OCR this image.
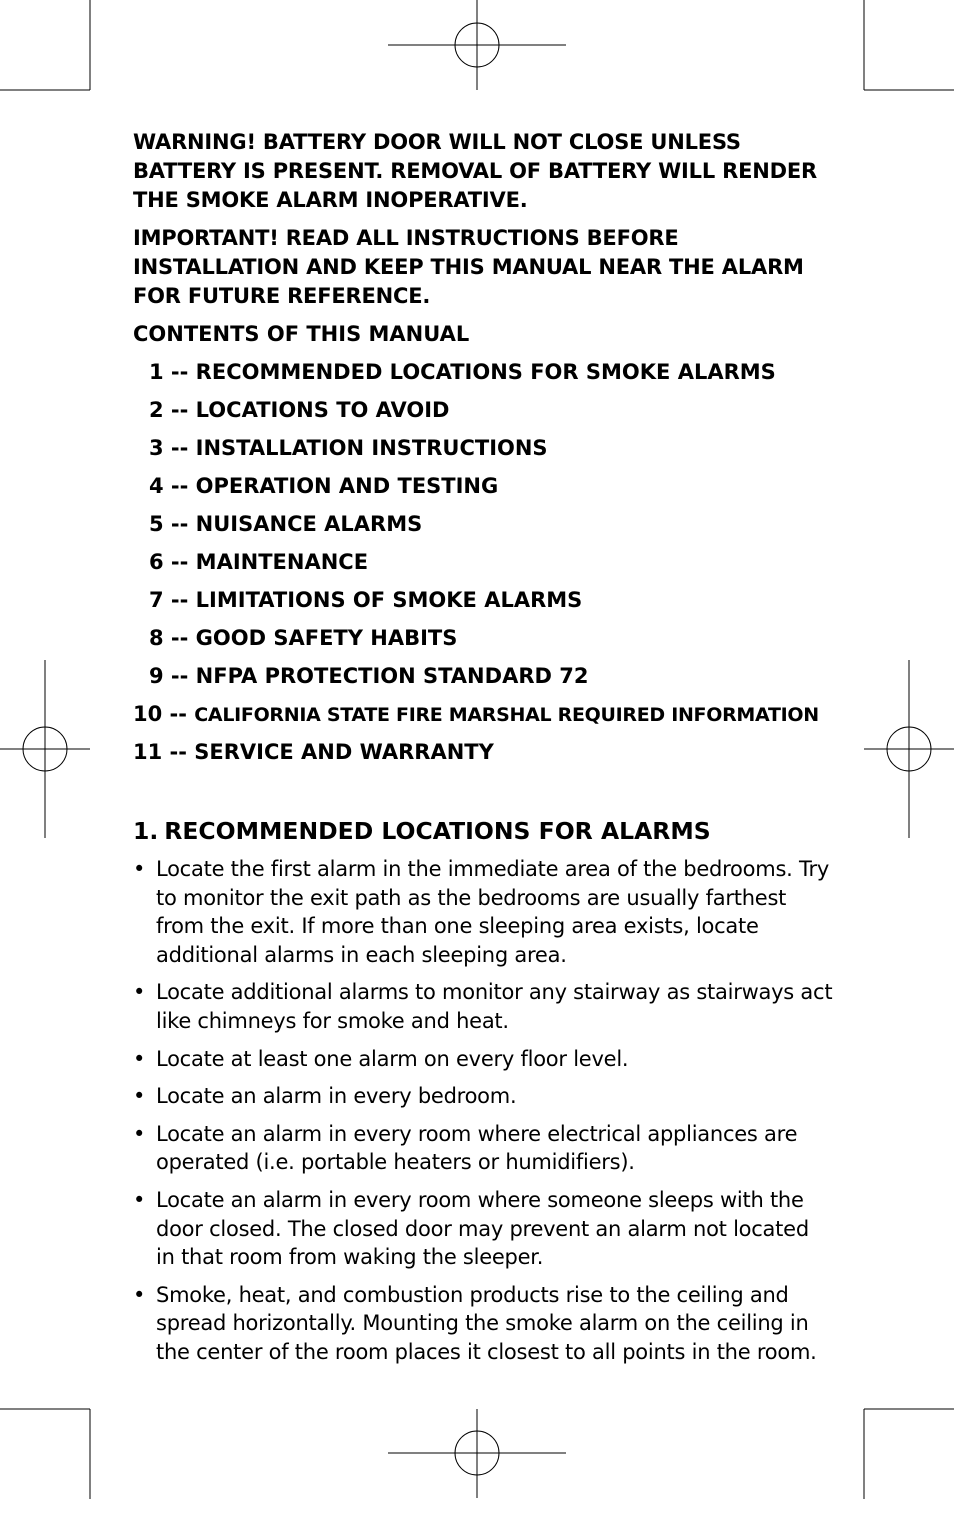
WARNING! BATTERY DOOR WILL NOT CLOSE UNLESS BATTERY IS PRESENT. REMOVAL OF BATTERY WILL RENDER THE SMOKE ALARM INOPERATIVE.

IMPORTANT! READ ALL INSTRUCTIONS BEFORE INSTALLATION AND KEEP THIS MANUAL NEAR THE ALARM FOR FUTURE REFERENCE.

CONTENTS OF THIS MANUAL
1 -- RECOMMENDED LOCATIONS FOR SMOKE ALARMS
2 -- LOCATIONS TO AVOID
3 -- INSTALLATION INSTRUCTIONS
4 -- OPERATION AND TESTING
5 -- NUISANCE ALARMS
6 -- MAINTENANCE
7 -- LIMITATIONS OF SMOKE ALARMS
8 -- GOOD SAFETY HABITS
9 -- NFPA PROTECTION STANDARD 72
10 -- CALIFORNIA STATE FIRE MARSHAL REQUIRED INFORMATION
11 -- SERVICE AND WARRANTY
1. RECOMMENDED LOCATIONS FOR ALARMS
• Locate the first alarm in the immediate area of the bedrooms. Try to monitor the exit path as the bedrooms are usually farthest from the exit. If more than one sleeping area exists, locate additional alarms in each sleeping area.
• Locate additional alarms to monitor any stairway as stairways act like chimneys for smoke and heat.
• Locate at least one alarm on every floor level.
• Locate an alarm in every bedroom.
• Locate an alarm in every room where electrical appliances are operated (i.e. portable heaters or humidifiers).
• Locate an alarm in every room where someone sleeps with the door closed. The closed door may prevent an alarm not located in that room from waking the sleeper.
• Smoke, heat, and combustion products rise to the ceiling and spread horizontally. Mounting the smoke alarm on the ceiling in the center of the room places it closest to all points in the room.
